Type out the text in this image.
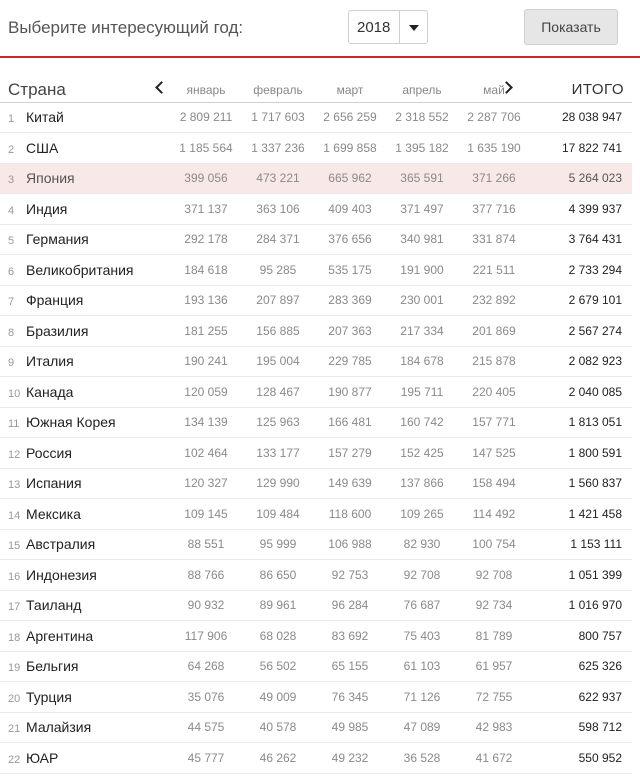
Выберите интересующий год:	2018	Показать
Страна	январь	февраль	март	апрель	май	ИТОГО
1 Китай	2 809 211	1 717 603	2 656 259	2 318 552	2 287 706	28 038 947
2 США	1 185 564	1 337 236	1 699 858	1 395 182	1 635 190	17 822 741
3 Япония	399 056	473 221	665 962	365 591	371 266	5 264 023
4 Индия	371 137	363 106	409 403	371 497	377 716	4 399 937
5 Германия	292 178	284 371	376 656	340 981	331 874	3 764 431
6 Великобритания	184 618	95 285	535 175	191 900	221 511	2 733 294
7 Франция	193 136	207 897	283 369	230 001	232 892	2 679 101
8 Бразилия	181 255	156 885	207 363	217 334	201 869	2 567 274
9 Италия	190 241	195 004	229 785	184 678	215 878	2 082 923
10 Канада	120 059	128 467	190 877	195 711	220 405	2 040 085
11 Южная Корея	134 139	125 963	166 481	160 742	157 771	1 813 051
12 Россия	102 464	133 177	157 279	152 425	147 525	1 800 591
13 Испания	120 327	129 990	149 639	137 866	158 494	1 560 837
14 Мексика	109 145	109 484	118 600	109 265	114 492	1 421 458
15 Австралия	88 551	95 999	106 988	82 930	100 754	1 153 111
16 Индонезия	88 766	86 650	92 753	92 708	92 708	1 051 399
17 Таиланд	90 932	89 961	96 284	76 687	92 734	1 016 970
18 Аргентина	117 906	68 028	83 692	75 403	81 789	800 757
19 Бельгия	64 268	56 502	65 155	61 103	61 957	625 326
20 Турция	35 076	49 009	76 345	71 126	72 755	622 937
21 Малайзия	44 575	40 578	49 985	47 089	42 983	598 712
22 ЮАР	45 777	46 262	49 232	36 528	41 672	550 952
